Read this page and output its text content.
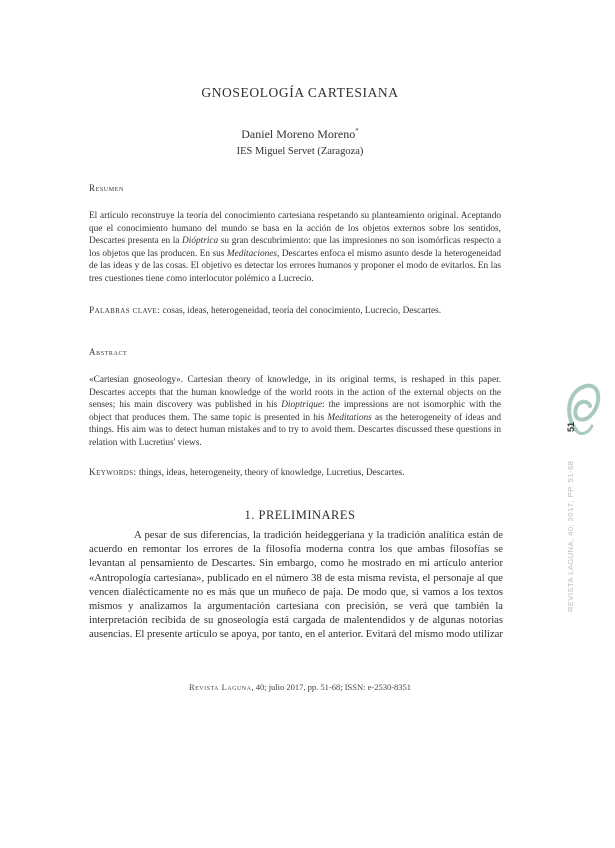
GNOSEOLOGÍA CARTESIANA
Daniel Moreno Moreno*
IES Miguel Servet (Zaragoza)
Resumen
El artículo reconstruye la teoría del conocimiento cartesiana respetando su planteamiento original. Aceptando que el conocimiento humano del mundo se basa en la acción de los objetos externos sobre los sentidos, Descartes presenta en la Dióptrica su gran descubrimiento: que las impresiones no son isomórficas respecto a los objetos que las producen. En sus Meditaciones, Descartes enfoca el mismo asunto desde la heterogeneidad de las ideas y de las cosas. El objetivo es detectar los errores humanos y proponer el modo de evitarlos. En las tres cuestiones tiene como interlocutor polémico a Lucrecio.
Palabras clave: cosas, ideas, heterogeneidad, teoría del conocimiento, Lucrecio, Descartes.
Abstract
«Cartesian gnoseology». Cartesian theory of knowledge, in its original terms, is reshaped in this paper. Descartes accepts that the human knowledge of the world roots in the action of the external objects on the senses; his main discovery was published in his Dioptrique: the impressions are not isomorphic with the object that produces them. The same topic is presented in his Meditations as the heterogeneity of ideas and things. His aim was to detect human mistakes and to try to avoid them. Descartes discussed these questions in relation with Lucretius' views.
Keywords: things, ideas, heterogeneity, theory of knowledge, Lucretius, Descartes.
1. PRELIMINARES

A pesar de sus diferencias, la tradición heideggeriana y la tradición analítica están de acuerdo en remontar los errores de la filosofía moderna contra los que ambas filosofías se levantan al pensamiento de Descartes. Sin embargo, como he mostrado en mi artículo anterior «Antropología cartesiana», publicado en el número 38 de esta misma revista, el personaje al que vencen dialécticamente no es más que un muñeco de paja. De modo que, si vamos a los textos mismos y analizamos la argumentación cartesiana con precisión, se verá que también la interpretación recibida de su gnoseología está cargada de malentendidos y de algunas notorias ausencias. El presente artículo se apoya, por tanto, en el anterior. Evitará del mismo modo utilizar

Revista Laguna, 40; julio 2017, pp. 51-68; ISSN: e-2530-8351
51
REVISTA LAGUNA, 40; 2017, PP. 51-68
